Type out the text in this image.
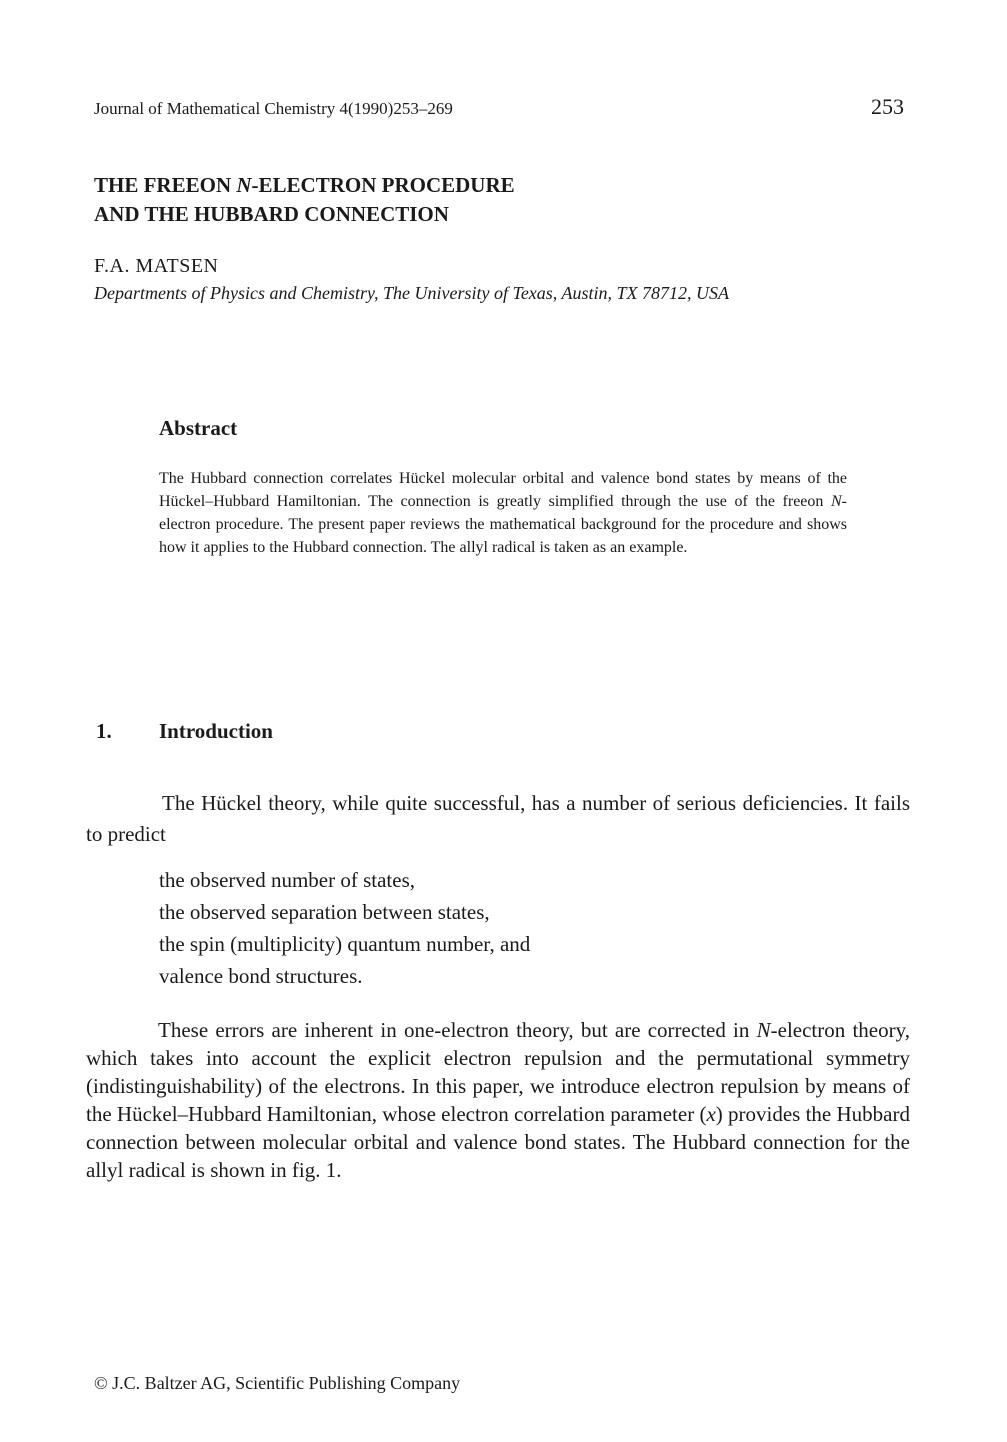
Journal of Mathematical Chemistry 4(1990)253–269	253
THE FREEON N-ELECTRON PROCEDURE
AND THE HUBBARD CONNECTION
F.A. MATSEN
Departments of Physics and Chemistry, The University of Texas, Austin, TX 78712, USA
Abstract

The Hubbard connection correlates Hückel molecular orbital and valence bond states by means of the Hückel–Hubbard Hamiltonian. The connection is greatly simplified through the use of the freeon N-electron procedure. The present paper reviews the mathematical background for the procedure and shows how it applies to the Hubbard connection. The allyl radical is taken as an example.

1. Introduction

The Hückel theory, while quite successful, has a number of serious deficiencies. It fails to predict

the observed number of states,
the observed separation between states,
the spin (multiplicity) quantum number, and
valence bond structures.

These errors are inherent in one-electron theory, but are corrected in N-electron theory, which takes into account the explicit electron repulsion and the permutational symmetry (indistinguishability) of the electrons. In this paper, we introduce electron repulsion by means of the Hückel–Hubbard Hamiltonian, whose electron correlation parameter (x) provides the Hubbard connection between molecular orbital and valence bond states. The Hubbard connection for the allyl radical is shown in fig. 1.

© J.C. Baltzer AG, Scientific Publishing Company
